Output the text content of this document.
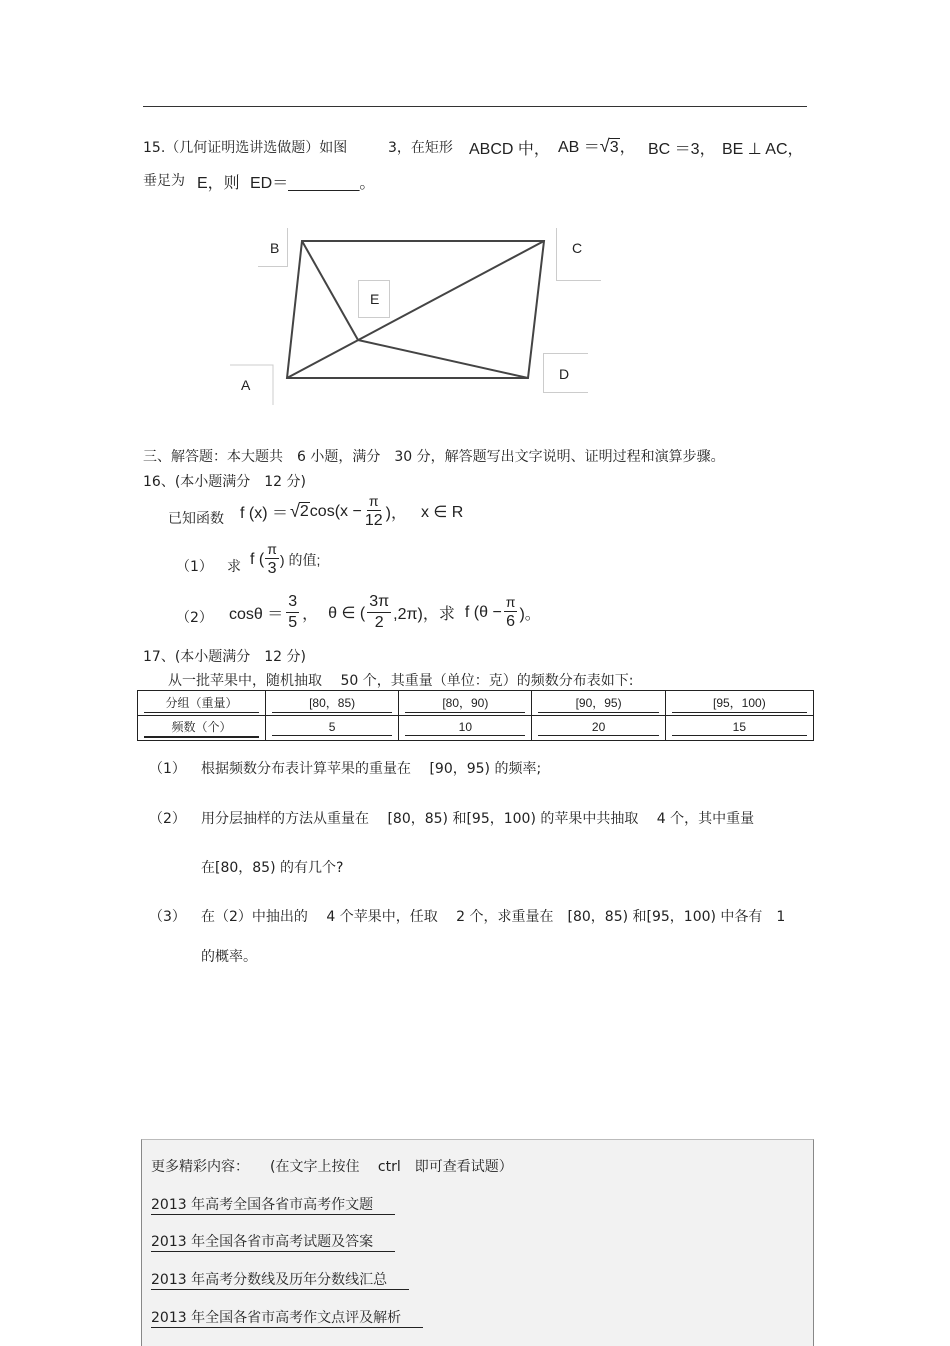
15.（几何证明选讲选做题）如图	3，在矩形 ABCD 中， AB ＝√3， BC ＝3， BE ⊥ AC，
垂足为 E，则 ED＝________。
B	C
E
D
A
三、解答题：本大题共　6 小题，满分　30 分，解答题写出文字说明、证明过程和演算步骤。
16、(本小题满分　12 分)
已知函数 f (x) ＝ √ 2 $\cos(x - \frac{\pi}{12}$ )， x ∈ R
（1） 求 f ( $\frac{\pi}{3}$ ) 的值;
（2） $\cos\theta = \frac{3}{5}$ ， θ ∈ ( $\frac{3\pi}{2} ,2\pi$)，求 f ($\theta - \frac{\pi}{6}$ )。
17、(本小题满分　12 分)
从一批苹果中，随机抽取　 50 个，其重量（单位：克）的频数分布表如下:
分组（重量）	[80，85)	[80，90)	[90，95)	[95，100)

频数（个）	5	10	20	15
（1） 根据频数分布表计算苹果的重量在　 [90，95) 的频率;
（2） 用分层抽样的方法从重量在　 [80，85) 和[95，100) 的苹果中共抽取　 4 个，其中重量
在[80，85) 的有几个?
（3） 在（2）中抽出的　 4 个苹果中，任取　 2 个，求重量在　[80，85) 和[95，100) 中各有　1
的概率。
更多精彩内容：　　(在文字上按住　 ctrl　即可查看试题）
2013 年高考全国各省市高考作文题
2013 年全国各省市高考试题及答案
2013 年高考分数线及历年分数线汇总
2013 年全国各省市高考作文点评及解析
